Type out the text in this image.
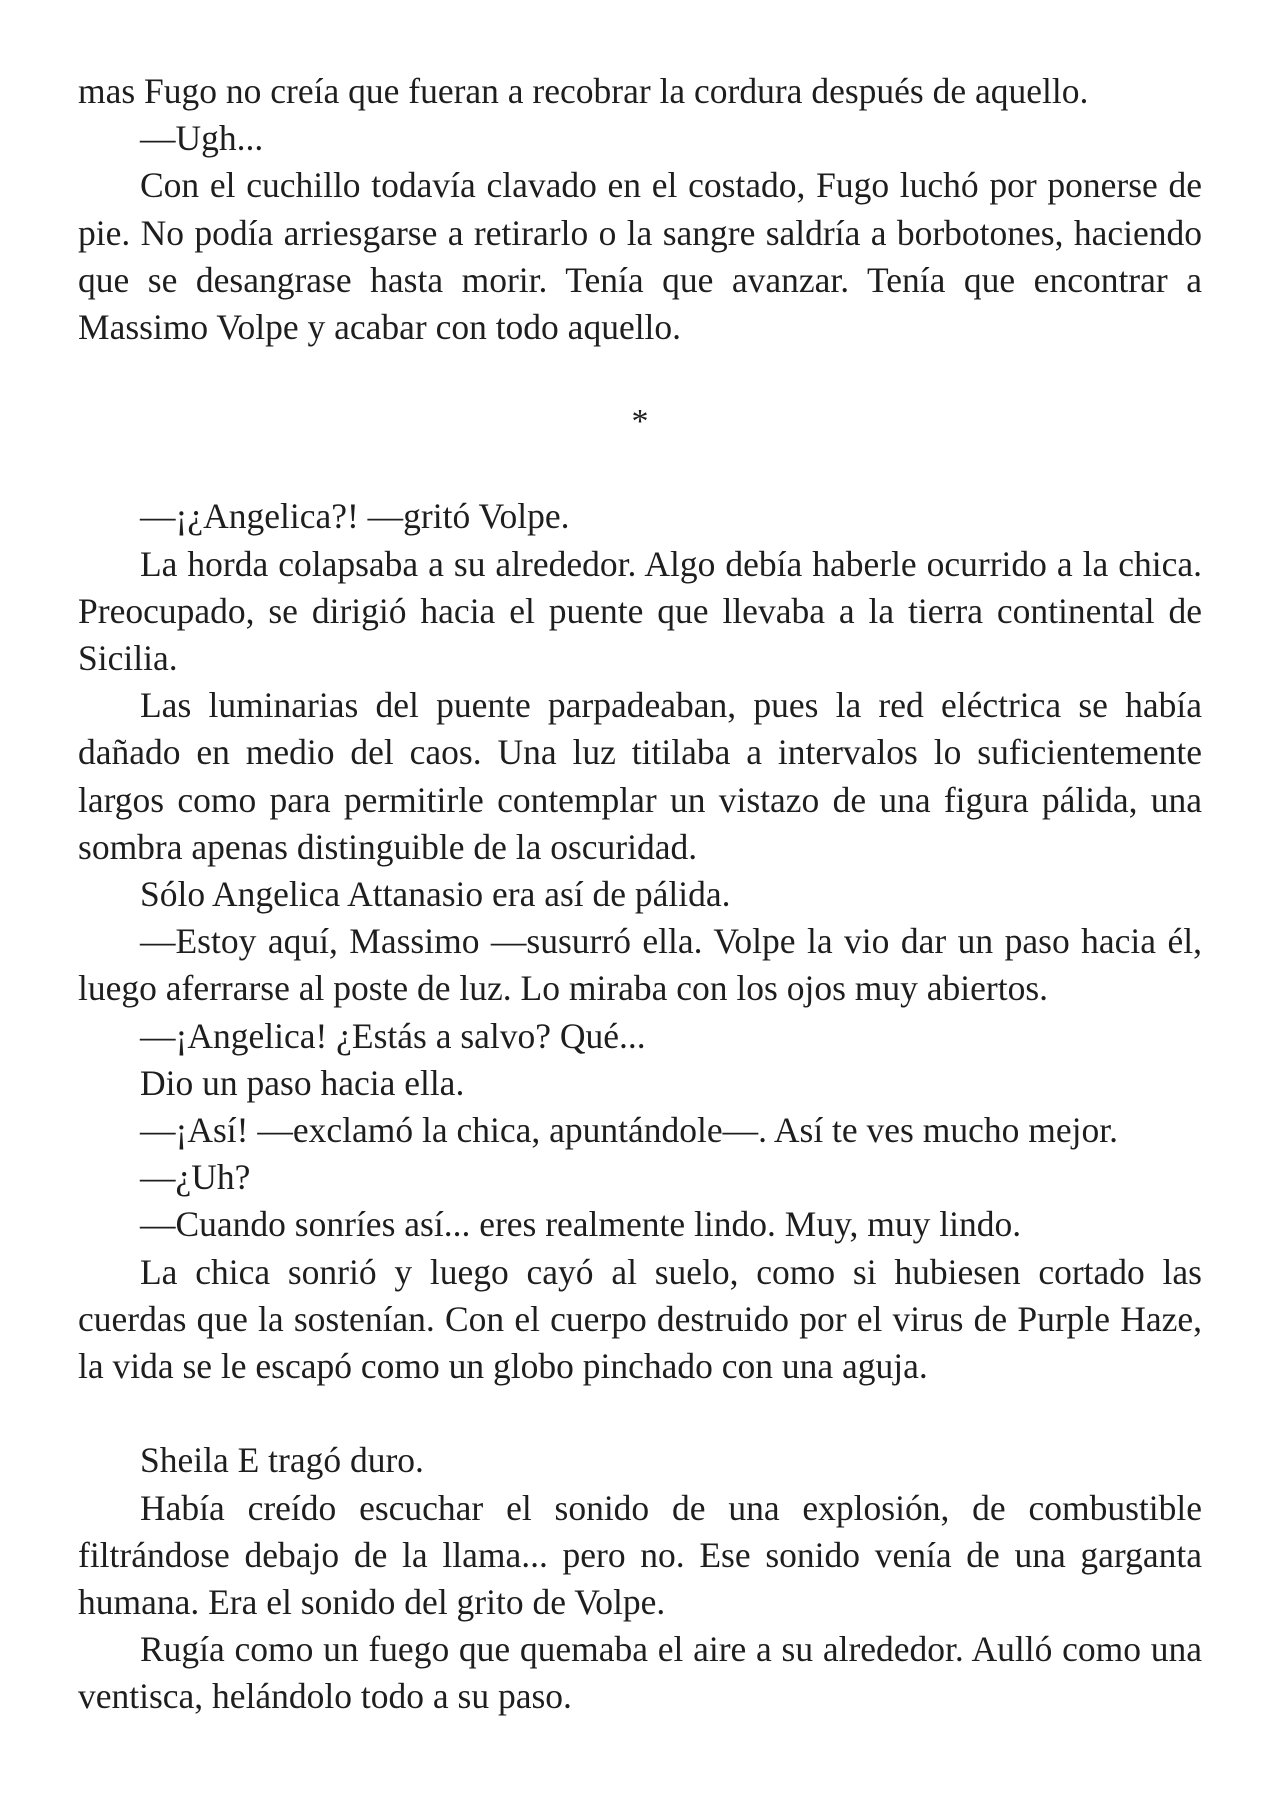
mas Fugo no creía que fueran a recobrar la cordura después de aquello.

—Ugh...

Con el cuchillo todavía clavado en el costado, Fugo luchó por ponerse de pie. No podía arriesgarse a retirarlo o la sangre saldría a borbotones, haciendo que se desangrase hasta morir. Tenía que avanzar. Tenía que encontrar a Massimo Volpe y acabar con todo aquello.

*

—¡¿Angelica?! —gritó Volpe.

La horda colapsaba a su alrededor. Algo debía haberle ocurrido a la chica. Preocupado, se dirigió hacia el puente que llevaba a la tierra continental de Sicilia.

Las luminarias del puente parpadeaban, pues la red eléctrica se había dañado en medio del caos. Una luz titilaba a intervalos lo suficientemente largos como para permitirle contemplar un vistazo de una figura pálida, una sombra apenas distinguible de la oscuridad.

Sólo Angelica Attanasio era así de pálida.

—Estoy aquí, Massimo —susurró ella. Volpe la vio dar un paso hacia él, luego aferrarse al poste de luz. Lo miraba con los ojos muy abiertos.

—¡Angelica! ¿Estás a salvo? Qué...

Dio un paso hacia ella.

—¡Así! —exclamó la chica, apuntándole—. Así te ves mucho mejor.

—¿Uh?

—Cuando sonríes así... eres realmente lindo. Muy, muy lindo.

La chica sonrió y luego cayó al suelo, como si hubiesen cortado las cuerdas que la sostenían. Con el cuerpo destruido por el virus de Purple Haze, la vida se le escapó como un globo pinchado con una aguja.

Sheila E tragó duro.

Había creído escuchar el sonido de una explosión, de combustible filtrándose debajo de la llama... pero no. Ese sonido venía de una garganta humana. Era el sonido del grito de Volpe.

Rugía como un fuego que quemaba el aire a su alrededor. Aulló como una ventisca, helándolo todo a su paso.
